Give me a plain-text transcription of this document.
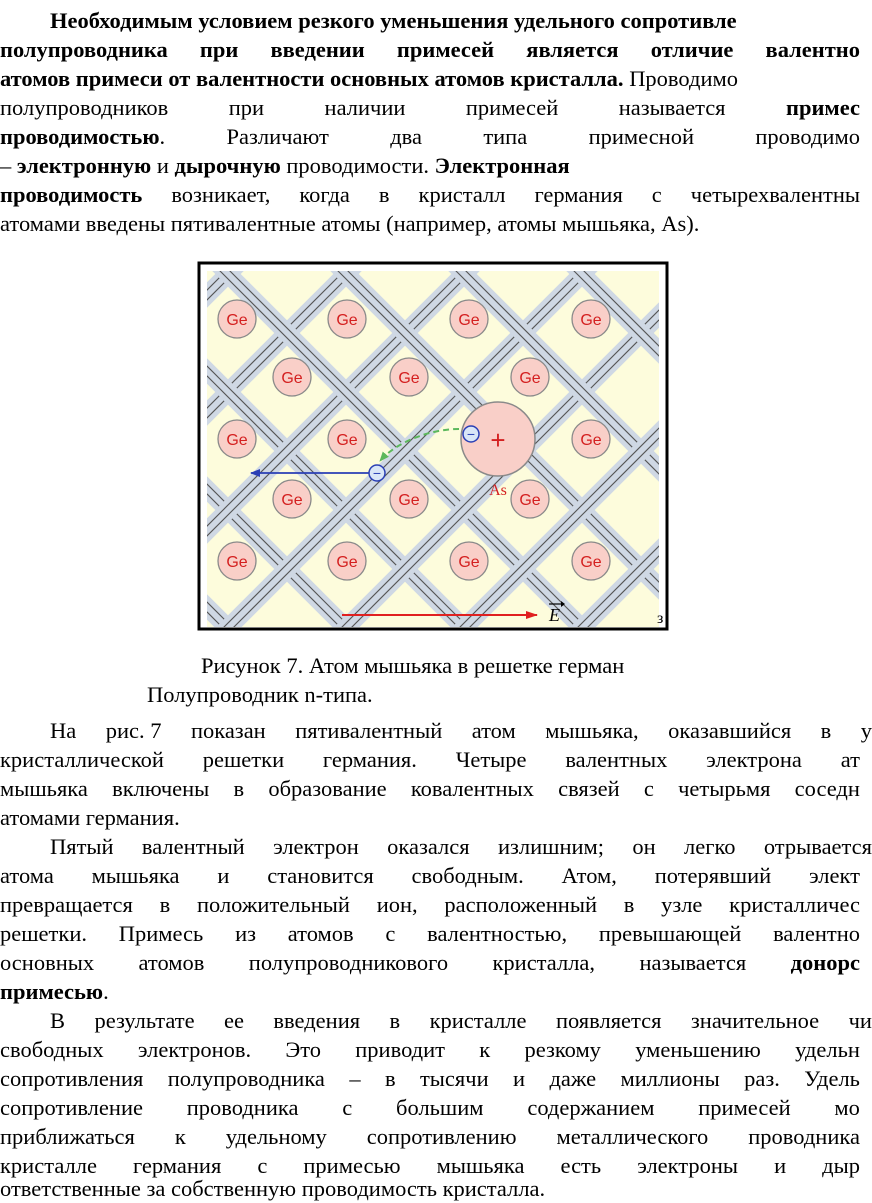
Необходимым условием резкого уменьшения удельного сопротивле
полупроводника при введении примесей является отличие валентно
атомов примеси от валентности основных атомов кристалла. Проводимо
полупроводников	при	наличии	примесей	называется	примес
проводимостью.	Различают	два	типа	примесной	проводимо
– электронную и дырочную проводимости. Электронная
проводимость возникает, когда в кристалл германия с четырехвалентны
атомами введены пятивалентные атомы (например, атомы мышьяка, As).
Ge	Ge	Ge	Ge
Ge	Ge	Ge
Ge	Ge	Ge
Ge	Ge	Ge
Ge	Ge	Ge	Ge
+
As
−
−
E	з
Рисунок 7. Атом мышьяка в решетке герман
Полупроводник n-типа.
На рис. 7 показан пятивалентный атом мышьяка, оказавшийся в у
кристаллической решетки германия. Четыре валентных электрона ат
мышьяка включены в образование ковалентных связей с четырьмя соседн
атомами германия.
Пятый валентный электрон оказался излишним; он легко отрывается
атома мышьяка и становится свободным. Атом, потерявший элект
превращается в положительный ион, расположенный в узле кристалличес
решетки. Примесь из атомов с валентностью, превышающей валентно
основных атомов полупроводникового кристалла, называется донорс
примесью.
В результате ее введения в кристалле появляется значительное чи
свободных электронов. Это приводит к резкому уменьшению удельн
сопротивления полупроводника – в тысячи и даже миллионы раз. Удель
сопротивление проводника с большим содержанием примесей мо
приближаться к удельному сопротивлению металлического проводника
кристалле германия с примесью мышьяка есть электроны и дыр
ответственные за собственную проводимость кристалла.
